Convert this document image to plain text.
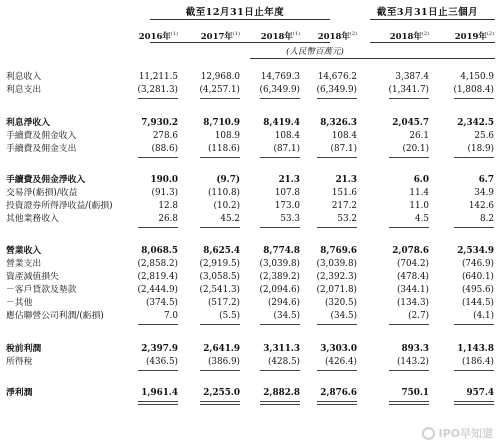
截至12月31日止年度	截至3月31日止三個月
2016年$^{(1)}$	2017年$^{(1)}$	2018年$^{(1)}$	2018年$^{(2)}$	2018年$^{(2)}$	2019年$^{(2)}$
(人民幣百萬元)
利息收入	11,211.5	12,968.0	14,769.3	14,676.2	3,387.4	4,150.9
利息支出	(3,281.3)	(4,257.1)	(6,349.9)	(6,349.9)	(1,341.7)	(1,808.4)
利息淨收入	7,930.2	8,710.9	8,419.4	8,326.3	2,045.7	2,342.5
手續費及佣金收入	278.6	108.9	108.4	108.4	26.1	25.6
手續費及佣金支出	(88.6)	(118.6)	(87.1)	(87.1)	(20.1)	(18.9)
手續費及佣金淨收入	190.0	(9.7)	21.3	21.3	6.0	6.7
交易淨(虧損)/收益	(91.3)	(110.8)	107.8	151.6	11.4	34.9
投資證券所得淨收益/(虧損)	12.8	(10.2)	173.0	217.2	11.0	142.6
其他業務收入	26.8	45.2	53.3	53.2	4.5	8.2
營業收入	8,068.5	8,625.4	8,774.8	8,769.6	2,078.6	2,534.9
營業支出	(2,858.2)	(2,919.5)	(3,039.8)	(3,039.8)	(704.2)	(746.9)
資產減值損失	(2,819.4)	(3,058.5)	(2,389.2)	(2,392.3)	(478.4)	(640.1)
－客戶貸款及墊款	(2,444.9)	(2,541.3)	(2,094.6)	(2,071.8)	(344.1)	(495.6)
－其他	(374.5)	(517.2)	(294.6)	(320.5)	(134.3)	(144.5)
應佔聯營公司利潤/(虧損)	7.0	(5.5)	(34.5)	(34.5)	(2.7)	(4.1)
稅前利潤	2,397.9	2,641.9	3,311.3	3,303.0	893.3	1,143.8
所得稅	(436.5)	(386.9)	(428.5)	(426.4)	(143.2)	(186.4)
淨利潤	1,961.4	2,255.0	2,882.8	2,876.6	750.1	957.4
IPO早知道
